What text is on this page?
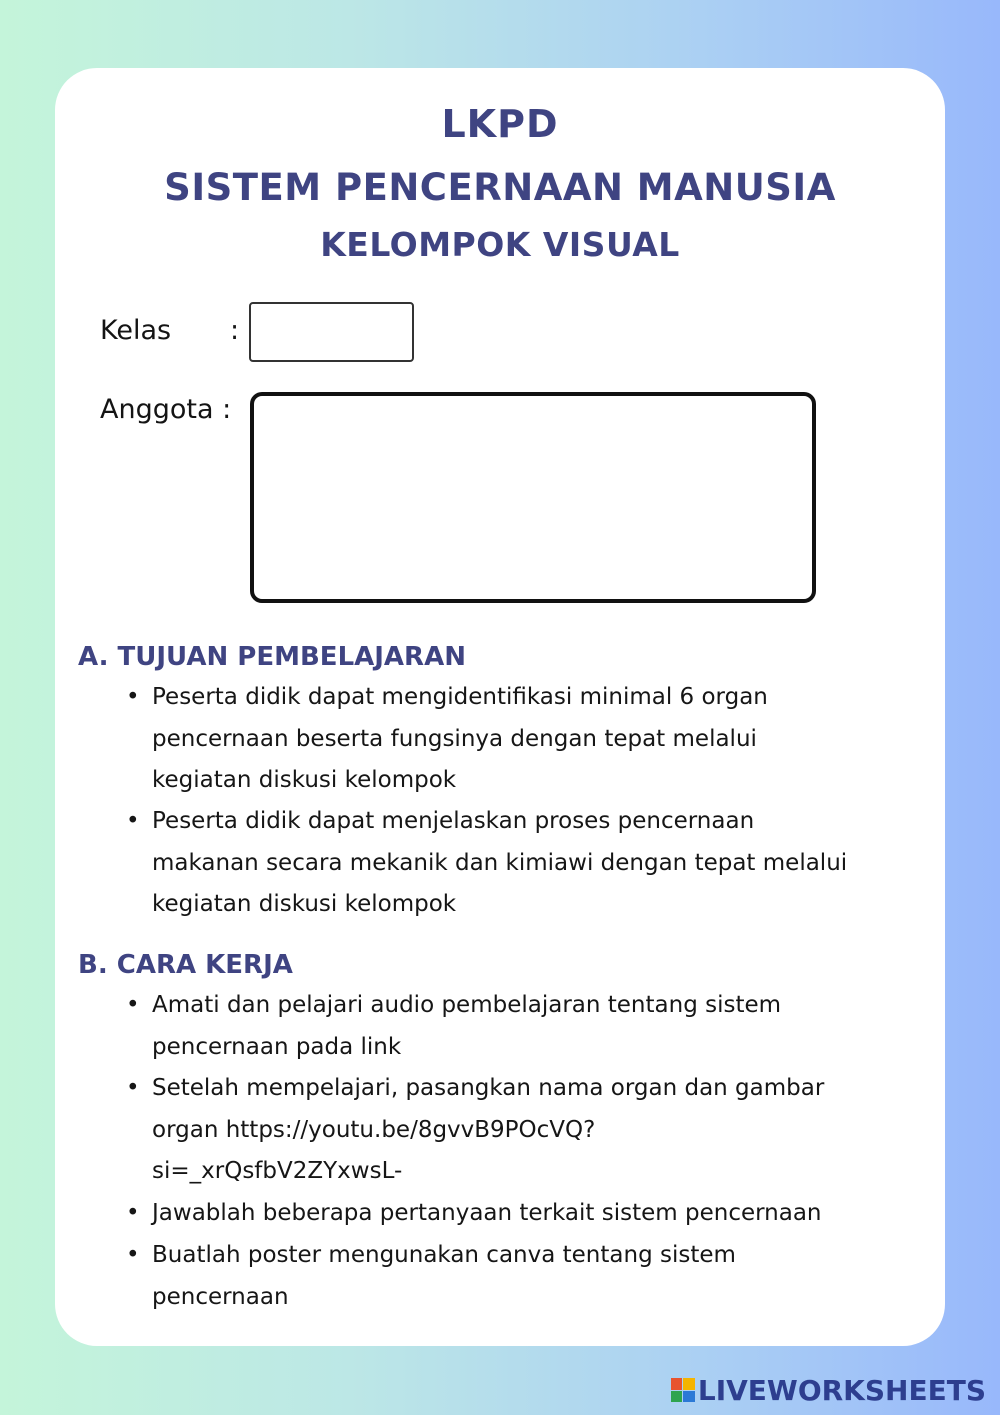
LKPD
SISTEM PENCERNAAN MANUSIA
KELOMPOK VISUAL
Kelas :
Anggota :
A. TUJUAN PEMBELAJARAN
• Peserta didik dapat mengidentifikasi minimal 6 organ
pencernaan beserta fungsinya dengan tepat melalui
kegiatan diskusi kelompok
• Peserta didik dapat menjelaskan proses pencernaan
makanan secara mekanik dan kimiawi dengan tepat melalui
kegiatan diskusi kelompok
B. CARA KERJA
• Amati dan pelajari audio pembelajaran tentang sistem
pencernaan pada link
• Setelah mempelajari, pasangkan nama organ dan gambar
organ https://youtu.be/8gvvB9POcVQ?
si=_xrQsfbV2ZYxwsL-
• Jawablah beberapa pertanyaan terkait sistem pencernaan
• Buatlah poster mengunakan canva tentang sistem
pencernaan
LIVEWORKSHEETS
